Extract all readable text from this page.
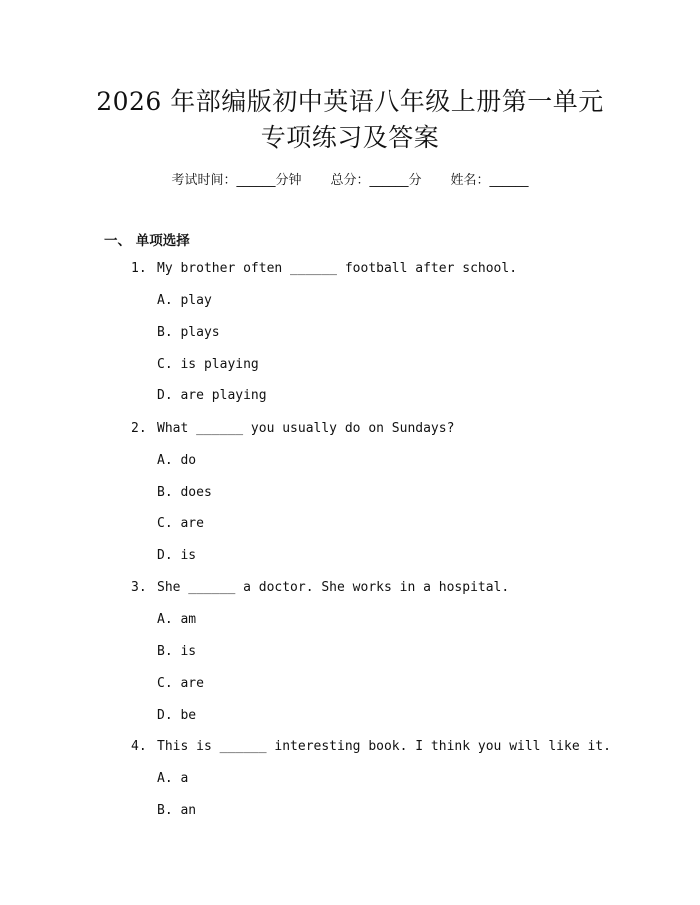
2026 年部编版初中英语八年级上册第一单元
专项练习及答案
考试时间：______分钟 总分：______分 姓名：______
一、 单项选择
1. My brother often ______ football after school.
A. play
B. plays
C. is playing
D. are playing
2. What ______ you usually do on Sundays?
A. do
B. does
C. are
D. is
3. She ______ a doctor. She works in a hospital.
A. am
B. is
C. are
D. be
4. This is ______ interesting book. I think you will like it.
A. a
B. an
